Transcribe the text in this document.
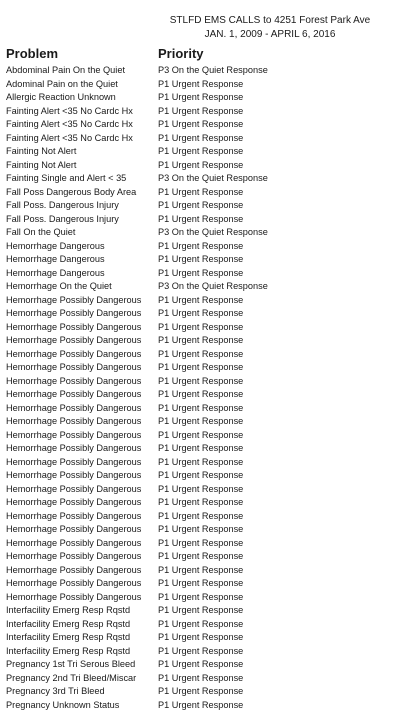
STLFD EMS CALLS to 4251 Forest Park Ave
JAN. 1, 2009 - APRIL 6, 2016
Problem	Priority
Abdominal Pain On the Quiet	P3 On the Quiet Response
Adominal Pain on the Quiet	P1 Urgent Response
Allergic Reaction Unknown	P1 Urgent Response
Fainting Alert <35 No Cardc Hx	P1 Urgent Response
Fainting Alert <35 No Cardc Hx	P1 Urgent Response
Fainting Alert <35 No Cardc Hx	P1 Urgent Response
Fainting Not Alert	P1 Urgent Response
Fainting Not Alert	P1 Urgent Response
Fainting Single and Alert < 35	P3 On the Quiet Response
Fall Poss Dangerous Body Area P1 Urgent Response
Fall Poss. Dangerous Injury	P1 Urgent Response
Fall Poss. Dangerous Injury	P1 Urgent Response
Fall On the Quiet	P3 On the Quiet Response
Hemorrhage Dangerous	P1 Urgent Response
Hemorrhage Dangerous	P1 Urgent Response
Hemorrhage Dangerous	P1 Urgent Response
Hemorrhage On the Quiet	P3 On the Quiet Response
Hemorrhage Possibly Dangerous P1 Urgent Response
Hemorrhage Possibly Dangerous P1 Urgent Response
Hemorrhage Possibly Dangerous P1 Urgent Response
Hemorrhage Possibly Dangerous P1 Urgent Response
Hemorrhage Possibly Dangerous P1 Urgent Response
Hemorrhage Possibly Dangerous P1 Urgent Response
Hemorrhage Possibly Dangerous P1 Urgent Response
Hemorrhage Possibly Dangerous P1 Urgent Response
Hemorrhage Possibly Dangerous P1 Urgent Response
Hemorrhage Possibly Dangerous P1 Urgent Response
Hemorrhage Possibly Dangerous P1 Urgent Response
Hemorrhage Possibly Dangerous P1 Urgent Response
Hemorrhage Possibly Dangerous P1 Urgent Response
Hemorrhage Possibly Dangerous P1 Urgent Response
Hemorrhage Possibly Dangerous P1 Urgent Response
Hemorrhage Possibly Dangerous P1 Urgent Response
Hemorrhage Possibly Dangerous P1 Urgent Response
Hemorrhage Possibly Dangerous P1 Urgent Response
Hemorrhage Possibly Dangerous P1 Urgent Response
Hemorrhage Possibly Dangerous P1 Urgent Response
Hemorrhage Possibly Dangerous P1 Urgent Response
Hemorrhage Possibly Dangerous P1 Urgent Response
Hemorrhage Possibly Dangerous P1 Urgent Response
Interfacility Emerg Resp Rqstd	P1 Urgent Response
Interfacility Emerg Resp Rqstd	P1 Urgent Response
Interfacility Emerg Resp Rqstd	P1 Urgent Response
Interfacility Emerg Resp Rqstd	P1 Urgent Response
Pregnancy 1st Tri Serous Bleed P1 Urgent Response
Pregnancy 2nd Tri Bleed/Miscar P1 Urgent Response
Pregnancy 3rd Tri Bleed	P1 Urgent Response
Pregnancy Unknown Status	P1 Urgent Response
